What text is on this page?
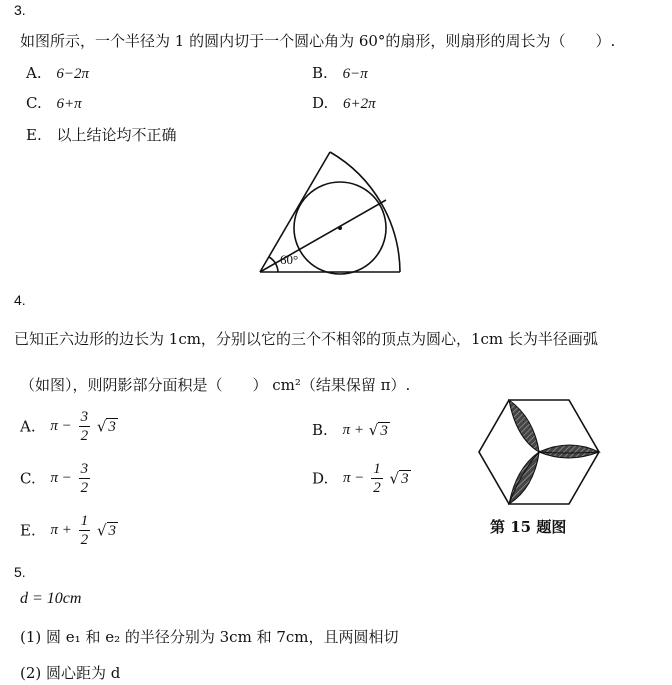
3.
如图所示，一个半径为 1 的圆内切于一个圆心角为 60°的扇形，则扇形的周长为（　　）.
A. 6−2π	B. 6−π
C. 6+π	D. 6+2π
E. 以上结论均不正确
60°
4.
已知正六边形的边长为 1cm，分别以它的三个不相邻的顶点为圆心，1cm 长为半径画弧
（如图），则阴影部分面积是（　　） cm²（结果保留 π）.
A. $\pi - \frac{3}{2}$ √ 3	B. π + √ 3
C. $\pi - \frac{3}{2}$	D. $\pi - \frac{1}{2}$ √ 3
E. $\pi + \frac{1}{2}$ √ 3	第 15 题图
5.
d = 10cm
(1) 圆 e₁ 和 e₂ 的半径分别为 3cm 和 7cm，且两圆相切
(2) 圆心距为 d
